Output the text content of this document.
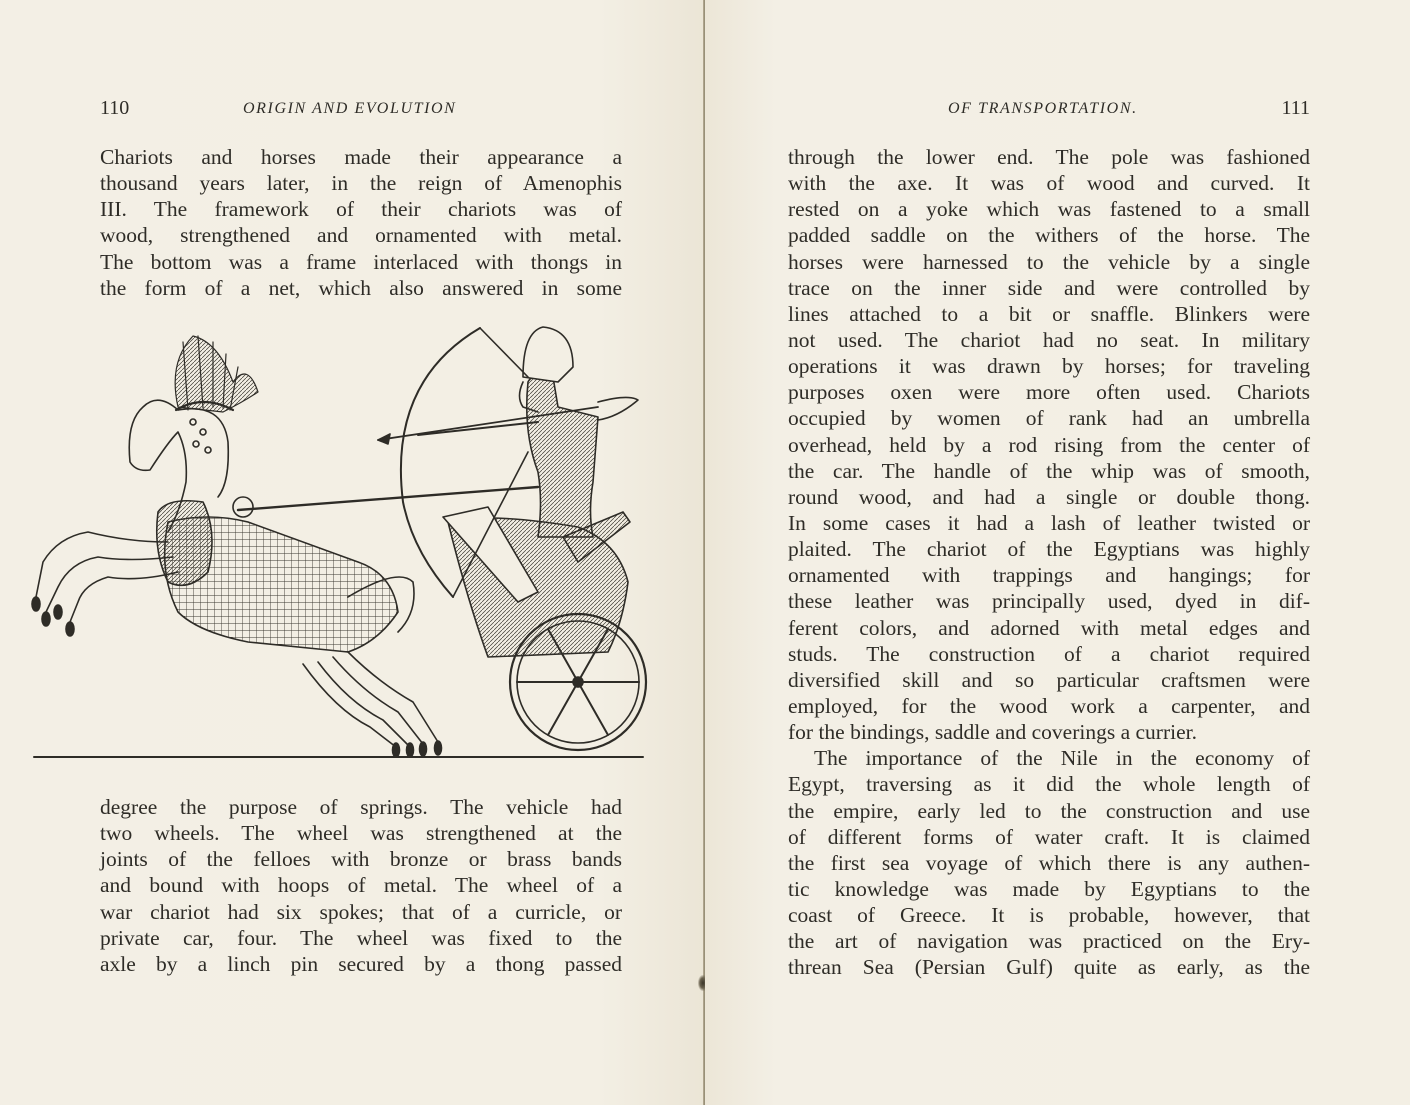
110	ORIGIN AND EVOLUTION
Chariots and horses made their appearance a
thousand years later, in the reign of Amenophis
III. The framework of their chariots was of
wood, strengthened and ornamented with metal.
The bottom was a frame interlaced with thongs in
the form of a net, which also answered in some
degree the purpose of springs. The vehicle had
two wheels. The wheel was strengthened at the
joints of the felloes with bronze or brass bands
and bound with hoops of metal. The wheel of a
war chariot had six spokes; that of a curricle, or
private car, four. The wheel was fixed to the
axle by a linch pin secured by a thong passed
OF TRANSPORTATION.	111
through the lower end. The pole was fashioned
with the axe. It was of wood and curved. It
rested on a yoke which was fastened to a small
padded saddle on the withers of the horse. The
horses were harnessed to the vehicle by a single
trace on the inner side and were controlled by
lines attached to a bit or snaffle. Blinkers were
not used. The chariot had no seat. In military
operations it was drawn by horses; for traveling
purposes oxen were more often used. Chariots
occupied by women of rank had an umbrella
overhead, held by a rod rising from the center of
the car. The handle of the whip was of smooth,
round wood, and had a single or double thong.
In some cases it had a lash of leather twisted or
plaited. The chariot of the Egyptians was highly
ornamented with trappings and hangings; for
these leather was principally used, dyed in dif-
ferent colors, and adorned with metal edges and
studs. The construction of a chariot required
diversified skill and so particular craftsmen were
employed, for the wood work a carpenter, and
for the bindings, saddle and coverings a currier.
The importance of the Nile in the economy of
Egypt, traversing as it did the whole length of
the empire, early led to the construction and use
of different forms of water craft. It is claimed
the first sea voyage of which there is any authen-
tic knowledge was made by Egyptians to the
coast of Greece. It is probable, however, that
the art of navigation was practiced on the Ery-
threan Sea (Persian Gulf) quite as early, as the
